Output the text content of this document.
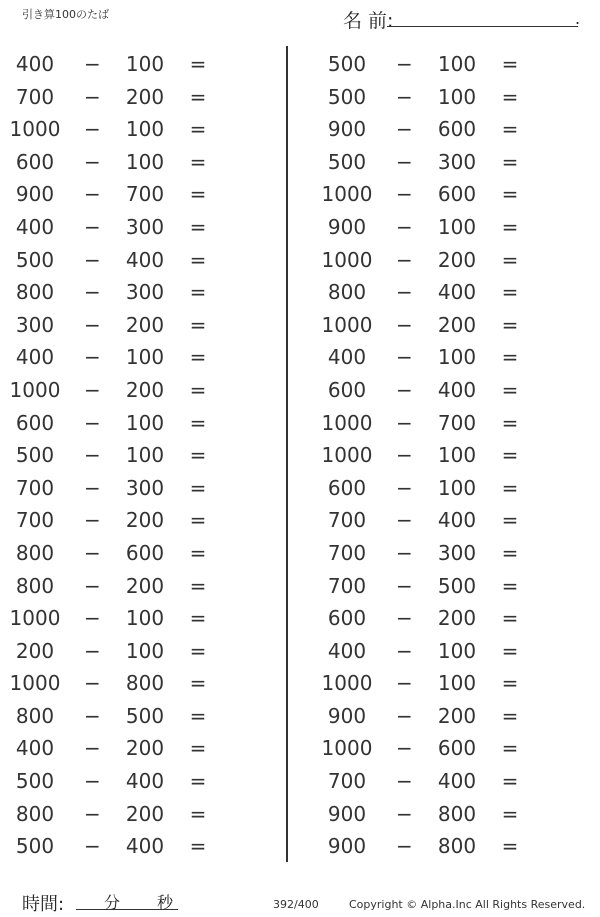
引き算100のたば	名 前:	.
400	−	100	=
700	−	200	=
1000	−	100	=
600	−	100	=
900	−	700	=
400	−	300	=
500	−	400	=
800	−	300	=
300	−	200	=
400	−	100	=
1000	−	200	=
600	−	100	=
500	−	100	=
700	−	300	=
700	−	200	=
800	−	600	=
800	−	200	=
1000	−	100	=
200	−	100	=
1000	−	800	=
800	−	500	=
400	−	200	=
500	−	400	=
800	−	200	=
500	−	400	=
500	−	100	=
500	−	100	=
900	−	600	=
500	−	300	=
1000	−	600	=
900	−	100	=
1000	−	200	=
800	−	400	=
1000	−	200	=
400	−	100	=
600	−	400	=
1000	−	700	=
1000	−	100	=
600	−	100	=
700	−	400	=
700	−	300	=
700	−	500	=
600	−	200	=
400	−	100	=
1000	−	100	=
900	−	200	=
1000	−	600	=
700	−	400	=
900	−	800	=
900	−	800	=
時間: 分 秒	392/400	Copyright © Alpha.Inc All Rights Reserved.
